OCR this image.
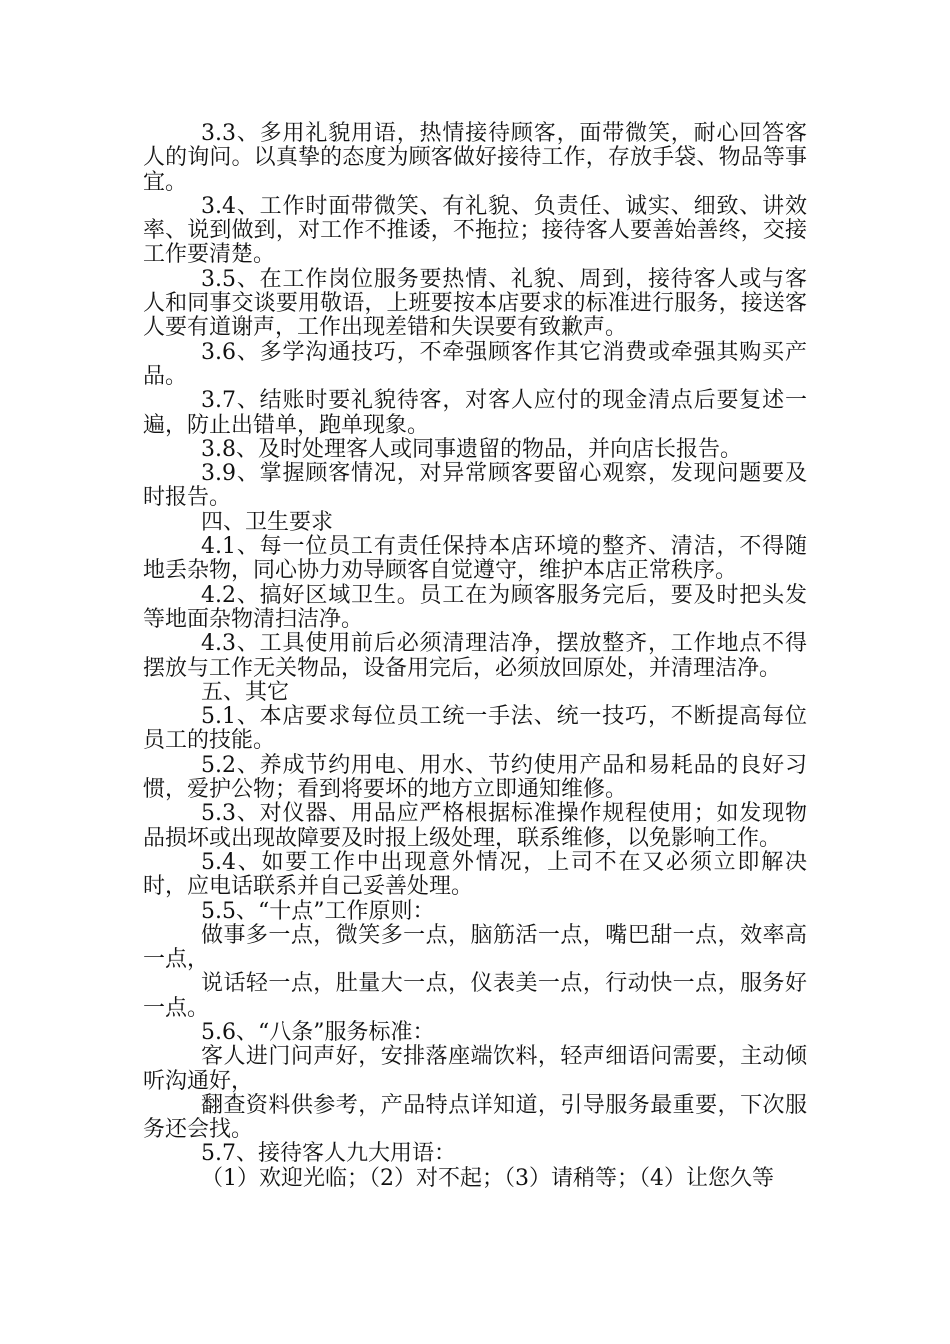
3.3、多用礼貌用语，热情接待顾客，面带微笑，耐心回答客人的询问。以真挚的态度为顾客做好接待工作，存放手袋、物品等事宜。

3.4、工作时面带微笑、有礼貌、负责任、诚实、细致、讲效率、说到做到，对工作不推诿，不拖拉；接待客人要善始善终，交接工作要清楚。

3.5、在工作岗位服务要热情、礼貌、周到，接待客人或与客人和同事交谈要用敬语，上班要按本店要求的标准进行服务，接送客人要有道谢声，工作出现差错和失误要有致歉声。

3.6、多学沟通技巧，不牵强顾客作其它消费或牵强其购买产品。

3.7、结账时要礼貌待客，对客人应付的现金清点后要复述一遍，防止出错单，跑单现象。

3.8、及时处理客人或同事遗留的物品，并向店长报告。

3.9、掌握顾客情况，对异常顾客要留心观察，发现问题要及时报告。

四、卫生要求

4.1、每一位员工有责任保持本店环境的整齐、清洁，不得随地丢杂物，同心协力劝导顾客自觉遵守，维护本店正常秩序。

4.2、搞好区域卫生。员工在为顾客服务完后，要及时把头发等地面杂物清扫洁净。

4.3、工具使用前后必须清理洁净，摆放整齐，工作地点不得摆放与工作无关物品，设备用完后，必须放回原处，并清理洁净。

五、其它

5.1、本店要求每位员工统一手法、统一技巧，不断提高每位员工的技能。

5.2、养成节约用电、用水、节约使用产品和易耗品的良好习惯，爱护公物；看到将要坏的地方立即通知维修。

5.3、对仪器、用品应严格根据标准操作规程使用；如发现物品损坏或出现故障要及时报上级处理，联系维修，以免影响工作。

5.4、如要工作中出现意外情况，上司不在又必须立即解决时，应电话联系并自己妥善处理。

5.5、“十点”工作原则：

做事多一点，微笑多一点，脑筋活一点，嘴巴甜一点，效率高一点，

说话轻一点，肚量大一点，仪表美一点，行动快一点，服务好一点。

5.6、“八条”服务标准：

客人进门问声好，安排落座端饮料，轻声细语问需要，主动倾听沟通好，

翻查资料供参考，产品特点详知道，引导服务最重要，下次服务还会找。

5.7、接待客人九大用语：

（1）欢迎光临；（2）对不起；（3）请稍等；（4）让您久等
